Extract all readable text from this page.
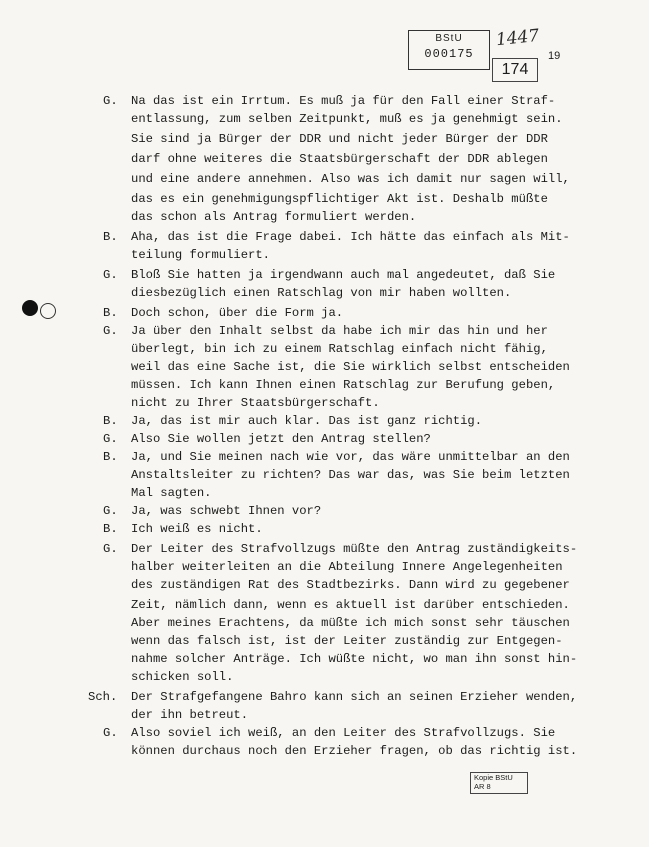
BStU
000175
1447
174
19
G. Na das ist ein Irrtum. Es muß ja für den Fall einer Straf-
entlassung, zum selben Zeitpunkt, muß es ja genehmigt sein.
Sie sind ja Bürger der DDR und nicht jeder Bürger der DDR
darf ohne weiteres die Staatsbürgerschaft der DDR ablegen
und eine andere annehmen. Also was ich damit nur sagen will,
das es ein genehmigungspflichtiger Akt ist. Deshalb müßte
das schon als Antrag formuliert werden.
B. Aha, das ist die Frage dabei. Ich hätte das einfach als Mit-
teilung formuliert.
G. Bloß Sie hatten ja irgendwann auch mal angedeutet, daß Sie
diesbezüglich einen Ratschlag von mir haben wollten.
B. Doch schon, über die Form ja.
G. Ja über den Inhalt selbst da habe ich mir das hin und her
überlegt, bin ich zu einem Ratschlag einfach nicht fähig,
weil das eine Sache ist, die Sie wirklich selbst entscheiden
müssen. Ich kann Ihnen einen Ratschlag zur Berufung geben,
nicht zu Ihrer Staatsbürgerschaft.
B. Ja, das ist mir auch klar. Das ist ganz richtig.
G. Also Sie wollen jetzt den Antrag stellen?
B. Ja, und Sie meinen nach wie vor, das wäre unmittelbar an den
Anstaltsleiter zu richten? Das war das, was Sie beim letzten
Mal sagten.
G. Ja, was schwebt Ihnen vor?
B. Ich weiß es nicht.
G. Der Leiter des Strafvollzugs müßte den Antrag zuständigkeits-
halber weiterleiten an die Abteilung Innere Angelegenheiten
des zuständigen Rat des Stadtbezirks. Dann wird zu gegebener
Zeit, nämlich dann, wenn es aktuell ist darüber entschieden.
Aber meines Erachtens, da müßte ich mich sonst sehr täuschen
wenn das falsch ist, ist der Leiter zuständig zur Entgegen-
nahme solcher Anträge. Ich wüßte nicht, wo man ihn sonst hin-
schicken soll.
Sch. Der Strafgefangene Bahro kann sich an seinen Erzieher wenden,
der ihn betreut.
G. Also soviel ich weiß, an den Leiter des Strafvollzugs. Sie
können durchaus noch den Erzieher fragen, ob das richtig ist.
Kopie BStU
AR 8
